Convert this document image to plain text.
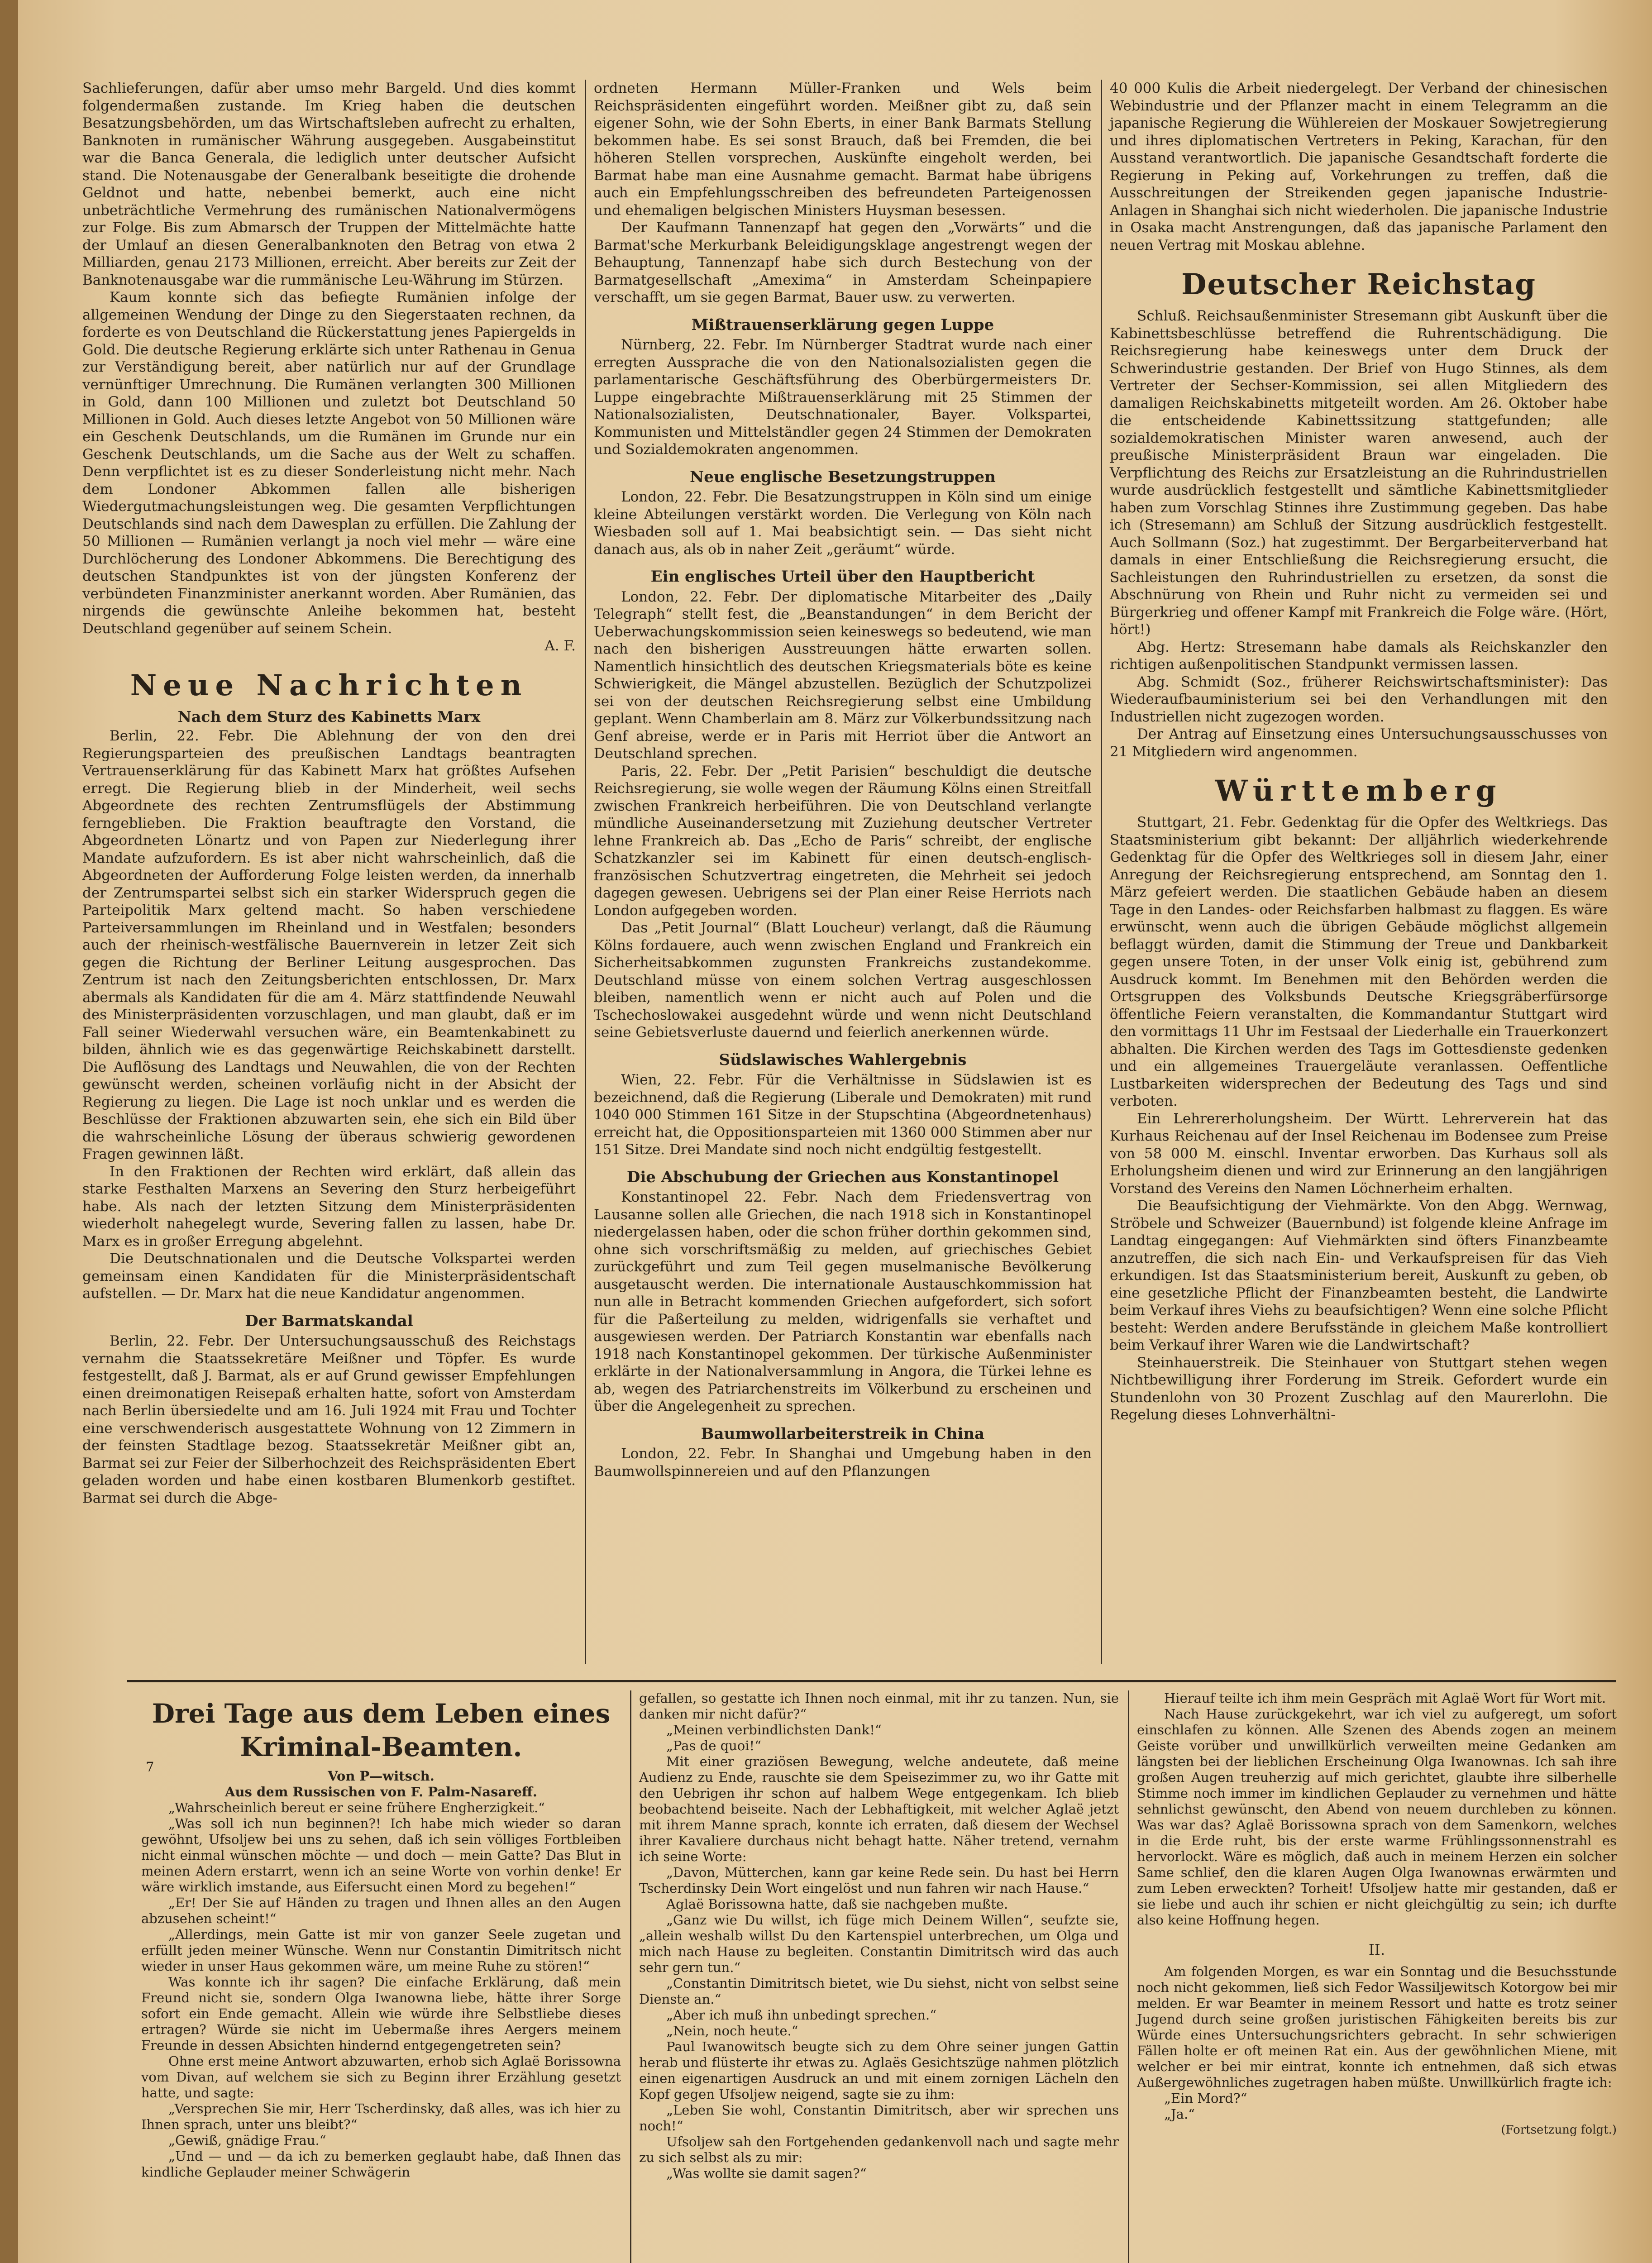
Sachlieferungen, dafür aber umso mehr Bargeld. Und dies kommt folgendermaßen zustande. Im Krieg haben die deutschen Besatzungsbehörden, um das Wirtschaftsleben aufrecht zu erhalten, Banknoten in rumänischer Währung ausgegeben. Ausgabeinstitut war die Banca Generala, die lediglich unter deutscher Aufsicht stand. Die Notenausgabe der Generalbank beseitigte die drohende Geldnot und hatte, nebenbei bemerkt, auch eine nicht unbeträchtliche Vermehrung des rumänischen Nationalvermögens zur Folge. Bis zum Abmarsch der Truppen der Mittelmächte hatte der Umlauf an diesen Generalbanknoten den Betrag von etwa 2 Milliarden, genau 2173 Millionen, erreicht. Aber bereits zur Zeit der Banknotenausgabe war die rummänische Leu-Währung im Stürzen.

Kaum konnte sich das befiegte Rumänien infolge der allgemeinen Wendung der Dinge zu den Siegerstaaten rechnen, da forderte es von Deutschland die Rückerstattung jenes Papiergelds in Gold. Die deutsche Regierung erklärte sich unter Rathenau in Genua zur Verständigung bereit, aber natürlich nur auf der Grundlage vernünftiger Umrechnung. Die Rumänen verlangten 300 Millionen in Gold, dann 100 Millionen und zuletzt bot Deutschland 50 Millionen in Gold. Auch dieses letzte Angebot von 50 Millionen wäre ein Geschenk Deutschlands, um die Rumänen im Grunde nur ein Geschenk Deutschlands, um die Sache aus der Welt zu schaffen. Denn verpflichtet ist es zu dieser Sonderleistung nicht mehr. Nach dem Londoner Abkommen fallen alle bisherigen Wiedergutmachungsleistungen weg. Die gesamten Verpflichtungen Deutschlands sind nach dem Dawesplan zu erfüllen. Die Zahlung der 50 Millionen — Rumänien verlangt ja noch viel mehr — wäre eine Durchlöcherung des Londoner Abkommens. Die Berechtigung des deutschen Standpunktes ist von der jüngsten Konferenz der verbündeten Finanzminister anerkannt worden. Aber Rumänien, das nirgends die gewünschte Anleihe bekommen hat, besteht Deutschland gegenüber auf seinem Schein.

A. F.
Neue Nachrichten
Nach dem Sturz des Kabinetts Marx

Berlin, 22. Febr. Die Ablehnung der von den drei Regierungsparteien des preußischen Landtags beantragten Vertrauenserklärung für das Kabinett Marx hat größtes Aufsehen erregt. Die Regierung blieb in der Minderheit, weil sechs Abgeordnete des rechten Zentrumsflügels der Abstimmung ferngeblieben. Die Fraktion beauftragte den Vorstand, die Abgeordneten Lönartz und von Papen zur Niederlegung ihrer Mandate aufzufordern. Es ist aber nicht wahrscheinlich, daß die Abgeordneten der Aufforderung Folge leisten werden, da innerhalb der Zentrumspartei selbst sich ein starker Widerspruch gegen die Parteipolitik Marx geltend macht. So haben verschiedene Parteiversammlungen im Rheinland und in Westfalen; besonders auch der rheinisch-westfälische Bauernverein in letzer Zeit sich gegen die Richtung der Berliner Leitung ausgesprochen. Das Zentrum ist nach den Zeitungsberichten entschlossen, Dr. Marx abermals als Kandidaten für die am 4. März stattfindende Neuwahl des Ministerpräsidenten vorzuschlagen, und man glaubt, daß er im Fall seiner Wiederwahl versuchen wäre, ein Beamtenkabinett zu bilden, ähnlich wie es das gegenwärtige Reichskabinett darstellt. Die Auflösung des Landtags und Neuwahlen, die von der Rechten gewünscht werden, scheinen vorläufig nicht in der Absicht der Regierung zu liegen. Die Lage ist noch unklar und es werden die Beschlüsse der Fraktionen abzuwarten sein, ehe sich ein Bild über die wahrscheinliche Lösung der überaus schwierig gewordenen Fragen gewinnen läßt.

In den Fraktionen der Rechten wird erklärt, daß allein das starke Festhalten Marxens an Severing den Sturz herbeigeführt habe. Als nach der letzten Sitzung dem Ministerpräsidenten wiederholt nahegelegt wurde, Severing fallen zu lassen, habe Dr. Marx es in großer Erregung abgelehnt.

Die Deutschnationalen und die Deutsche Volkspartei werden gemeinsam einen Kandidaten für die Ministerpräsidentschaft aufstellen. — Dr. Marx hat die neue Kandidatur angenommen.

Der Barmatskandal

Berlin, 22. Febr. Der Untersuchungsausschuß des Reichstags vernahm die Staatssekretäre Meißner und Töpfer. Es wurde festgestellt, daß J. Barmat, als er auf Grund gewisser Empfehlungen einen dreimonatigen Reisepaß erhalten hatte, sofort von Amsterdam nach Berlin übersiedelte und am 16. Juli 1924 mit Frau und Tochter eine verschwenderisch ausgestattete Wohnung von 12 Zimmern in der feinsten Stadtlage bezog. Staatssekretär Meißner gibt an, Barmat sei zur Feier der Silberhochzeit des Reichspräsidenten Ebert geladen worden und habe einen kostbaren Blumenkorb gestiftet. Barmat sei durch die Abge-

ordneten Hermann Müller-Franken und Wels beim Reichspräsidenten eingeführt worden. Meißner gibt zu, daß sein eigener Sohn, wie der Sohn Eberts, in einer Bank Barmats Stellung bekommen habe. Es sei sonst Brauch, daß bei Fremden, die bei höheren Stellen vorsprechen, Auskünfte eingeholt werden, bei Barmat habe man eine Ausnahme gemacht. Barmat habe übrigens auch ein Empfehlungsschreiben des befreundeten Parteigenossen und ehemaligen belgischen Ministers Huysman besessen.

Der Kaufmann Tannenzapf hat gegen den „Vorwärts“ und die Barmat'sche Merkurbank Beleidigungsklage angestrengt wegen der Behauptung, Tannenzapf habe sich durch Bestechung von der Barmatgesellschaft „Amexima“ in Amsterdam Scheinpapiere verschafft, um sie gegen Barmat, Bauer usw. zu verwerten.

Mißtrauenserklärung gegen Luppe

Nürnberg, 22. Febr. Im Nürnberger Stadtrat wurde nach einer erregten Aussprache die von den Nationalsozialisten gegen die parlamentarische Geschäftsführung des Oberbürgermeisters Dr. Luppe eingebrachte Mißtrauenserklärung mit 25 Stimmen der Nationalsozialisten, Deutschnationaler, Bayer. Volkspartei, Kommunisten und Mittelständler gegen 24 Stimmen der Demokraten und Sozialdemokraten angenommen.

Neue englische Besetzungstruppen

London, 22. Febr. Die Besatzungstruppen in Köln sind um einige kleine Abteilungen verstärkt worden. Die Verlegung von Köln nach Wiesbaden soll auf 1. Mai beabsichtigt sein. — Das sieht nicht danach aus, als ob in naher Zeit „geräumt“ würde.

Ein englisches Urteil über den Hauptbericht

London, 22. Febr. Der diplomatische Mitarbeiter des „Daily Telegraph“ stellt fest, die „Beanstandungen“ in dem Bericht der Ueberwachungskommission seien keineswegs so bedeutend, wie man nach den bisherigen Ausstreuungen hätte erwarten sollen. Namentlich hinsichtlich des deutschen Kriegsmaterials böte es keine Schwierigkeit, die Mängel abzustellen. Bezüglich der Schutzpolizei sei von der deutschen Reichsregierung selbst eine Umbildung geplant. Wenn Chamberlain am 8. März zur Völkerbundssitzung nach Genf abreise, werde er in Paris mit Herriot über die Antwort an Deutschland sprechen.

Paris, 22. Febr. Der „Petit Parisien“ beschuldigt die deutsche Reichsregierung, sie wolle wegen der Räumung Kölns einen Streitfall zwischen Frankreich herbeiführen. Die von Deutschland verlangte mündliche Auseinandersetzung mit Zuziehung deutscher Vertreter lehne Frankreich ab. Das „Echo de Paris“ schreibt, der englische Schatzkanzler sei im Kabinett für einen deutsch-englisch-französischen Schutzvertrag eingetreten, die Mehrheit sei jedoch dagegen gewesen. Uebrigens sei der Plan einer Reise Herriots nach London aufgegeben worden.

Das „Petit Journal“ (Blatt Loucheur) verlangt, daß die Räumung Kölns fordauere, auch wenn zwischen England und Frankreich ein Sicherheitsabkommen zugunsten Frankreichs zustandekomme. Deutschland müsse von einem solchen Vertrag ausgeschlossen bleiben, namentlich wenn er nicht auch auf Polen und die Tschechoslowakei ausgedehnt würde und wenn nicht Deutschland seine Gebietsverluste dauernd und feierlich anerkennen würde.

Südslawisches Wahlergebnis

Wien, 22. Febr. Für die Verhältnisse in Südslawien ist es bezeichnend, daß die Regierung (Liberale und Demokraten) mit rund 1040 000 Stimmen 161 Sitze in der Stupschtina (Abgeordnetenhaus) erreicht hat, die Oppositionsparteien mit 1360 000 Stimmen aber nur 151 Sitze. Drei Mandate sind noch nicht endgültig festgestellt.

Die Abschubung der Griechen aus Konstantinopel

Konstantinopel 22. Febr. Nach dem Friedensvertrag von Lausanne sollen alle Griechen, die nach 1918 sich in Konstantinopel niedergelassen haben, oder die schon früher dorthin gekommen sind, ohne sich vorschriftsmäßig zu melden, auf griechisches Gebiet zurückgeführt und zum Teil gegen muselmanische Bevölkerung ausgetauscht werden. Die internationale Austauschkommission hat nun alle in Betracht kommenden Griechen aufgefordert, sich sofort für die Paßerteilung zu melden, widrigenfalls sie verhaftet und ausgewiesen werden. Der Patriarch Konstantin war ebenfalls nach 1918 nach Konstantinopel gekommen. Der türkische Außenminister erklärte in der Nationalversammlung in Angora, die Türkei lehne es ab, wegen des Patriarchenstreits im Völkerbund zu erscheinen und über die Angelegenheit zu sprechen.

Baumwollarbeiterstreik in China

London, 22. Febr. In Shanghai und Umgebung haben in den Baumwollspinnereien und auf den Pflanzungen

40 000 Kulis die Arbeit niedergelegt. Der Verband der chinesischen Webindustrie und der Pflanzer macht in einem Telegramm an die japanische Regierung die Wühlereien der Moskauer Sowjetregierung und ihres diplomatischen Vertreters in Peking, Karachan, für den Ausstand verantwortlich. Die japanische Gesandtschaft forderte die Regierung in Peking auf, Vorkehrungen zu treffen, daß die Ausschreitungen der Streikenden gegen japanische Industrie-Anlagen in Shanghai sich nicht wiederholen. Die japanische Industrie in Osaka macht Anstrengungen, daß das japanische Parlament den neuen Vertrag mit Moskau ablehne.

Deutscher Reichstag

Schluß. Reichsaußenminister Stresemann gibt Auskunft über die Kabinettsbeschlüsse betreffend die Ruhrentschädigung. Die Reichsregierung habe keineswegs unter dem Druck der Schwerindustrie gestanden. Der Brief von Hugo Stinnes, als dem Vertreter der Sechser-Kommission, sei allen Mitgliedern des damaligen Reichskabinetts mitgeteilt worden. Am 26. Oktober habe die entscheidende Kabinettssitzung stattgefunden; alle sozialdemokratischen Minister waren anwesend, auch der preußische Ministerpräsident Braun war eingeladen. Die Verpflichtung des Reichs zur Ersatzleistung an die Ruhrindustriellen wurde ausdrücklich festgestellt und sämtliche Kabinettsmitglieder haben zum Vorschlag Stinnes ihre Zustimmung gegeben. Das habe ich (Stresemann) am Schluß der Sitzung ausdrücklich festgestellt. Auch Sollmann (Soz.) hat zugestimmt. Der Bergarbeiterverband hat damals in einer Entschließung die Reichsregierung ersucht, die Sachleistungen den Ruhrindustriellen zu ersetzen, da sonst die Abschnürung von Rhein und Ruhr nicht zu vermeiden sei und Bürgerkrieg und offener Kampf mit Frankreich die Folge wäre. (Hört, hört!)

Abg. Hertz: Stresemann habe damals als Reichskanzler den richtigen außenpolitischen Standpunkt vermissen lassen.

Abg. Schmidt (Soz., früherer Reichswirtschaftsminister): Das Wiederaufbauministerium sei bei den Verhandlungen mit den Industriellen nicht zugezogen worden.

Der Antrag auf Einsetzung eines Untersuchungsausschusses von 21 Mitgliedern wird angenommen.

Württemberg

Stuttgart, 21. Febr. Gedenktag für die Opfer des Weltkriegs. Das Staatsministerium gibt bekannt: Der alljährlich wiederkehrende Gedenktag für die Opfer des Weltkrieges soll in diesem Jahr, einer Anregung der Reichsregierung entsprechend, am Sonntag den 1. März gefeiert werden. Die staatlichen Gebäude haben an diesem Tage in den Landes- oder Reichsfarben halbmast zu flaggen. Es wäre erwünscht, wenn auch die übrigen Gebäude möglichst allgemein beflaggt würden, damit die Stimmung der Treue und Dankbarkeit gegen unsere Toten, in der unser Volk einig ist, gebührend zum Ausdruck kommt. Im Benehmen mit den Behörden werden die Ortsgruppen des Volksbunds Deutsche Kriegsgräberfürsorge öffentliche Feiern veranstalten, die Kommandantur Stuttgart wird den vormittags 11 Uhr im Festsaal der Liederhalle ein Trauerkonzert abhalten. Die Kirchen werden des Tags im Gottesdienste gedenken und ein allgemeines Trauergeläute veranlassen. Oeffentliche Lustbarkeiten widersprechen der Bedeutung des Tags und sind verboten.

Ein Lehrererholungsheim. Der Württ. Lehrerverein hat das Kurhaus Reichenau auf der Insel Reichenau im Bodensee zum Preise von 58 000 M. einschl. Inventar erworben. Das Kurhaus soll als Erholungsheim dienen und wird zur Erinnerung an den langjährigen Vorstand des Vereins den Namen Löchnerheim erhalten.

Die Beaufsichtigung der Viehmärkte. Von den Abgg. Wernwag, Ströbele und Schweizer (Bauernbund) ist folgende kleine Anfrage im Landtag eingegangen: Auf Viehmärkten sind öfters Finanzbeamte anzutreffen, die sich nach Ein- und Verkaufspreisen für das Vieh erkundigen. Ist das Staatsministerium bereit, Auskunft zu geben, ob eine gesetzliche Pflicht der Finanzbeamten besteht, die Landwirte beim Verkauf ihres Viehs zu beaufsichtigen? Wenn eine solche Pflicht besteht: Werden andere Berufsstände in gleichem Maße kontrolliert beim Verkauf ihrer Waren wie die Landwirtschaft?

Steinhauerstreik. Die Steinhauer von Stuttgart stehen wegen Nichtbewilligung ihrer Forderung im Streik. Gefordert wurde ein Stundenlohn von 30 Prozent Zuschlag auf den Maurerlohn. Die Regelung dieses Lohnverhältni-

Drei Tage aus dem Leben eines Kriminal-Beamten.
7
Von P—witsch.
Aus dem Russischen von F. Palm-Nasareff.

„Wahrscheinlich bereut er seine frühere Engherzigkeit.“

„Was soll ich nun beginnen?! Ich habe mich wieder so daran gewöhnt, Ufsoljew bei uns zu sehen, daß ich sein völliges Fortbleiben nicht einmal wünschen möchte — und doch — mein Gatte? Das Blut in meinen Adern erstarrt, wenn ich an seine Worte von vorhin denke! Er wäre wirklich imstande, aus Eifersucht einen Mord zu begehen!“

„Er! Der Sie auf Händen zu tragen und Ihnen alles an den Augen abzusehen scheint!“

„Allerdings, mein Gatte ist mir von ganzer Seele zugetan und erfüllt jeden meiner Wünsche. Wenn nur Constantin Dimitritsch nicht wieder in unser Haus gekommen wäre, um meine Ruhe zu stören!“

Was konnte ich ihr sagen? Die einfache Erklärung, daß mein Freund nicht sie, sondern Olga Iwanowna liebe, hätte ihrer Sorge sofort ein Ende gemacht. Allein wie würde ihre Selbstliebe dieses ertragen? Würde sie nicht im Uebermaße ihres Aergers meinem Freunde in dessen Absichten hindernd entgegengetreten sein?

Ohne erst meine Antwort abzuwarten, erhob sich Aglaë Borissowna vom Divan, auf welchem sie sich zu Beginn ihrer Erzählung gesetzt hatte, und sagte:

„Versprechen Sie mir, Herr Tscherdinsky, daß alles, was ich hier zu Ihnen sprach, unter uns bleibt?“

„Gewiß, gnädige Frau.“

„Und — und — da ich zu bemerken geglaubt habe, daß Ihnen das kindliche Geplauder meiner Schwägerin

gefallen, so gestatte ich Ihnen noch einmal, mit ihr zu tanzen. Nun, sie danken mir nicht dafür?“

„Meinen verbindlichsten Dank!“

„Pas de quoi!“

Mit einer graziösen Bewegung, welche andeutete, daß meine Audienz zu Ende, rauschte sie dem Speisezimmer zu, wo ihr Gatte mit den Uebrigen ihr schon auf halbem Wege entgegenkam. Ich blieb beobachtend beiseite. Nach der Lebhaftigkeit, mit welcher Aglaë jetzt mit ihrem Manne sprach, konnte ich erraten, daß diesem der Wechsel ihrer Kavaliere durchaus nicht behagt hatte. Näher tretend, vernahm ich seine Worte:

„Davon, Mütterchen, kann gar keine Rede sein. Du hast bei Herrn Tscherdinsky Dein Wort eingelöst und nun fahren wir nach Hause.“

Aglaë Borissowna hatte, daß sie nachgeben mußte.

„Ganz wie Du willst, ich füge mich Deinem Willen“, seufzte sie, „allein weshalb willst Du den Kartenspiel unterbrechen, um Olga und mich nach Hause zu begleiten. Constantin Dimitritsch wird das auch sehr gern tun.“

„Constantin Dimitritsch bietet, wie Du siehst, nicht von selbst seine Dienste an.“

„Aber ich muß ihn unbedingt sprechen.“

„Nein, noch heute.“

Paul Iwanowitsch beugte sich zu dem Ohre seiner jungen Gattin herab und flüsterte ihr etwas zu. Aglaës Gesichtszüge nahmen plötzlich einen eigenartigen Ausdruck an und mit einem zornigen Lächeln den Kopf gegen Ufsoljew neigend, sagte sie zu ihm:

„Leben Sie wohl, Constantin Dimitritsch, aber wir sprechen uns noch!“

Ufsoljew sah den Fortgehenden gedankenvoll nach und sagte mehr zu sich selbst als zu mir:

„Was wollte sie damit sagen?“

Hierauf teilte ich ihm mein Gespräch mit Aglaë Wort für Wort mit.

Nach Hause zurückgekehrt, war ich viel zu aufgeregt, um sofort einschlafen zu können. Alle Szenen des Abends zogen an meinem Geiste vorüber und unwillkürlich verweilten meine Gedanken am längsten bei der lieblichen Erscheinung Olga Iwanownas. Ich sah ihre großen Augen treuherzig auf mich gerichtet, glaubte ihre silberhelle Stimme noch immer im kindlichen Geplauder zu vernehmen und hätte sehnlichst gewünscht, den Abend von neuem durchleben zu können. Was war das? Aglaë Borissowna sprach von dem Samenkorn, welches in die Erde ruht, bis der erste warme Frühlingssonnenstrahl es hervorlockt. Wäre es möglich, daß auch in meinem Herzen ein solcher Same schlief, den die klaren Augen Olga Iwanownas erwärmten und zum Leben erweckten? Torheit! Ufsoljew hatte mir gestanden, daß er sie liebe und auch ihr schien er nicht gleichgültig zu sein; ich durfte also keine Hoffnung hegen.

II.

Am folgenden Morgen, es war ein Sonntag und die Besuchsstunde noch nicht gekommen, ließ sich Fedor Wassiljewitsch Kotorgow bei mir melden. Er war Beamter in meinem Ressort und hatte es trotz seiner Jugend durch seine großen juristischen Fähigkeiten bereits bis zur Würde eines Untersuchungsrichters gebracht. In sehr schwierigen Fällen holte er oft meinen Rat ein. Aus der gewöhnlichen Miene, mit welcher er bei mir eintrat, konnte ich entnehmen, daß sich etwas Außergewöhnliches zugetragen haben müßte. Unwillkürlich fragte ich:

„Ein Mord?“

„Ja.“

(Fortsetzung folgt.)
